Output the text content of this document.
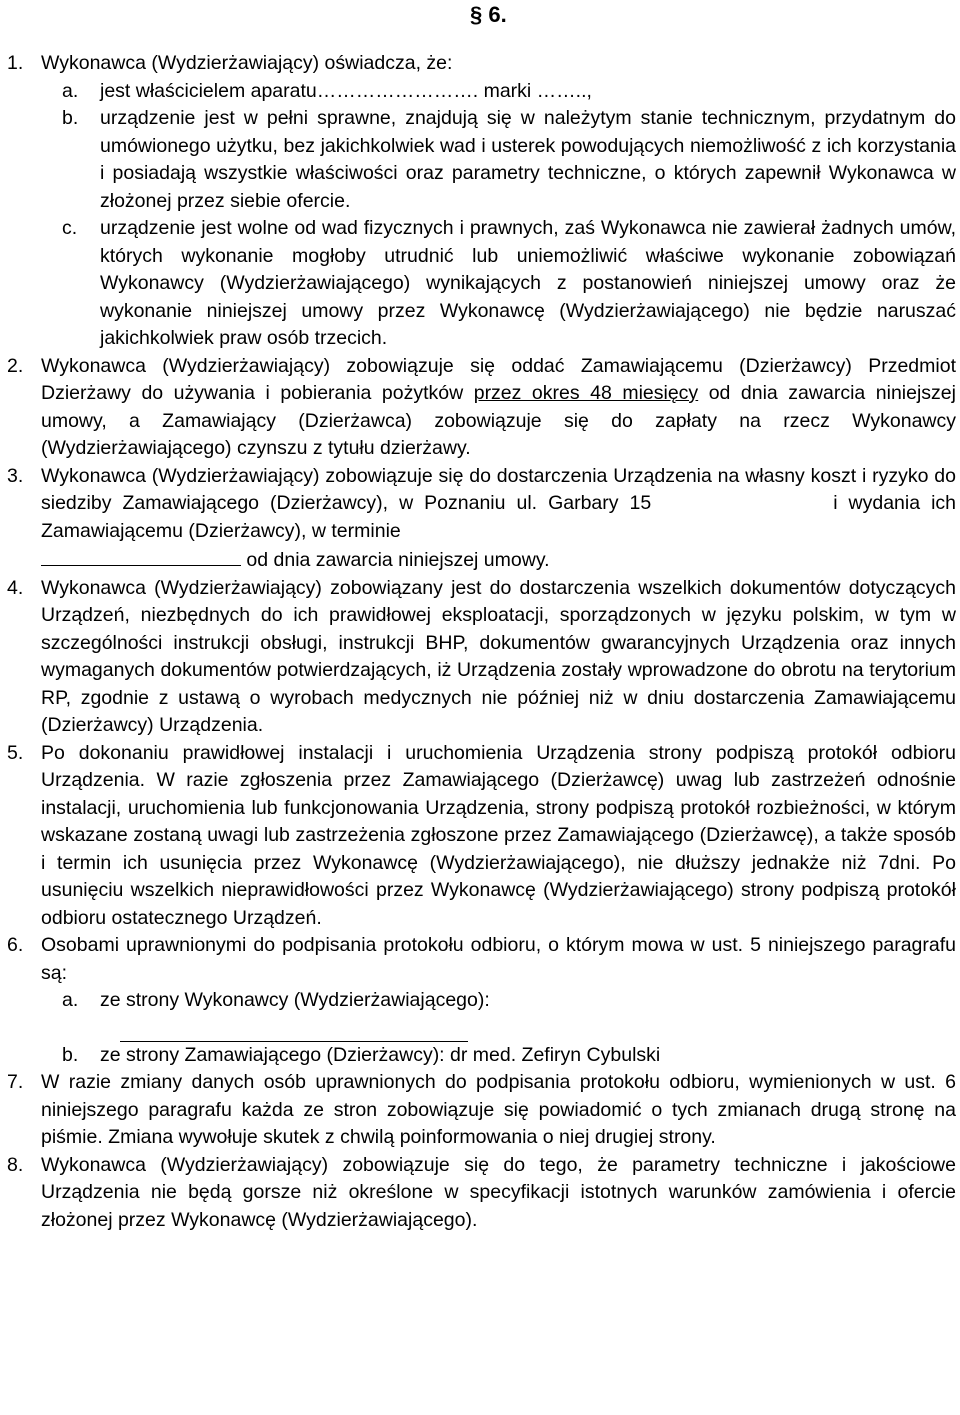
§ 6.
1. Wykonawca (Wydzierżawiający) oświadcza, że:
a. jest właścicielem aparatu……………………. marki ……..,
b. urządzenie jest w pełni sprawne, znajdują się w należytym stanie technicznym, przydatnym do umówionego użytku, bez jakichkolwiek wad i usterek powodujących niemożliwość z ich korzystania i posiadają wszystkie właściwości oraz parametry techniczne, o których zapewnił Wykonawca w złożonej przez siebie ofercie.
c. urządzenie jest wolne od wad fizycznych i prawnych, zaś Wykonawca nie zawierał żadnych umów, których wykonanie mogłoby utrudnić lub uniemożliwić właściwe wykonanie zobowiązań Wykonawcy (Wydzierżawiającego) wynikających z postanowień niniejszej umowy oraz że wykonanie niniejszej umowy przez Wykonawcę (Wydzierżawiającego) nie będzie naruszać jakichkolwiek praw osób trzecich.
2. Wykonawca (Wydzierżawiający) zobowiązuje się oddać Zamawiającemu (Dzierżawcy) Przedmiot Dzierżawy do używania i pobierania pożytków przez okres 48 miesięcy od dnia zawarcia niniejszej umowy, a Zamawiający (Dzierżawca) zobowiązuje się do zapłaty na rzecz Wykonawcy (Wydzierżawiającego) czynszu z tytułu dzierżawy.
3. Wykonawca (Wydzierżawiający) zobowiązuje się do dostarczenia Urządzenia na własny koszt i ryzyko do siedziby Zamawiającego (Dzierżawcy), w Poznaniu ul. Garbary 15	i wydania ich Zamawiającemu (Dzierżawcy), w terminie
od dnia zawarcia niniejszej umowy.
4. Wykonawca (Wydzierżawiający) zobowiązany jest do dostarczenia wszelkich dokumentów dotyczących Urządzeń, niezbędnych do ich prawidłowej eksploatacji, sporządzonych w języku polskim, w tym w szczególności instrukcji obsługi, instrukcji BHP, dokumentów gwarancyjnych Urządzenia oraz innych wymaganych dokumentów potwierdzających, iż Urządzenia zostały wprowadzone do obrotu na terytorium RP, zgodnie z ustawą o wyrobach medycznych nie później niż w dniu dostarczenia Zamawiającemu (Dzierżawcy) Urządzenia.
5. Po dokonaniu prawidłowej instalacji i uruchomienia Urządzenia strony podpiszą protokół odbioru Urządzenia. W razie zgłoszenia przez Zamawiającego (Dzierżawcę) uwag lub zastrzeżeń odnośnie instalacji, uruchomienia lub funkcjonowania Urządzenia, strony podpiszą protokół rozbieżności, w którym wskazane zostaną uwagi lub zastrzeżenia zgłoszone przez Zamawiającego (Dzierżawcę), a także sposób i termin ich usunięcia przez Wykonawcę (Wydzierżawiającego), nie dłuższy jednakże niż 7dni. Po usunięciu wszelkich nieprawidłowości przez Wykonawcę (Wydzierżawiającego) strony podpiszą protokół odbioru ostatecznego Urządzeń.
6. Osobami uprawnionymi do podpisania protokołu odbioru, o którym mowa w ust. 5 niniejszego paragrafu są:
a. ze strony Wykonawcy (Wydzierżawiającego):
b. ze strony Zamawiającego (Dzierżawcy): dr med. Zefiryn Cybulski
7. W razie zmiany danych osób uprawnionych do podpisania protokołu odbioru, wymienionych w ust. 6 niniejszego paragrafu każda ze stron zobowiązuje się powiadomić o tych zmianach drugą stronę na piśmie. Zmiana wywołuje skutek z chwilą poinformowania o niej drugiej strony.
8. Wykonawca (Wydzierżawiający) zobowiązuje się do tego, że parametry techniczne i jakościowe Urządzenia nie będą gorsze niż określone w specyfikacji istotnych warunków zamówienia i ofercie złożonej przez Wykonawcę (Wydzierżawiającego).
